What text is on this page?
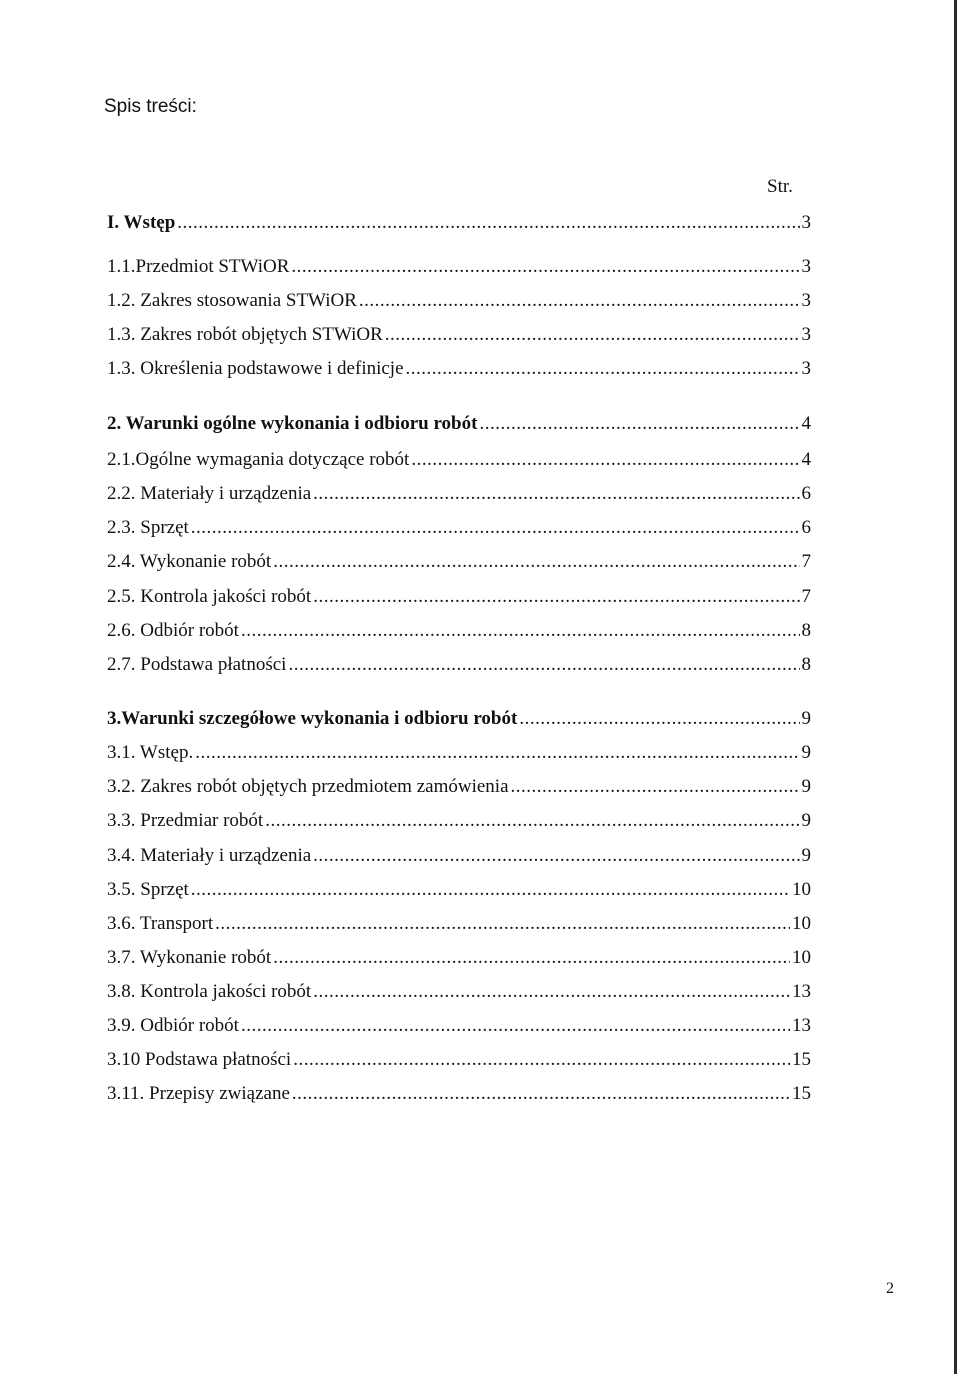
Spis treści:
Str.
I. Wstęp .....	3
1.1.Przedmiot STWiOR .....	3
1.2. Zakres stosowania STWiOR .....	3
1.3. Zakres robót objętych STWiOR .....	3
1.3. Określenia podstawowe i definicje .....	3
2. Warunki ogólne wykonania i odbioru robót .....	4
2.1.Ogólne wymagania dotyczące robót .....	4
2.2. Materiały i urządzenia .....	6
2.3. Sprzęt .....	6
2.4. Wykonanie robót .....	7
2.5. Kontrola jakości robót .....	7
2.6. Odbiór robót .....	8
2.7. Podstawa płatności .....	8
3.Warunki szczegółowe wykonania i odbioru robót .....	9
3.1. Wstęp. .....	9
3.2. Zakres robót objętych przedmiotem zamówienia .....	9
3.3. Przedmiar robót .....	9
3.4. Materiały i urządzenia .....	9
3.5. Sprzęt .....	10
3.6. Transport .....	10
3.7. Wykonanie robót .....	10
3.8. Kontrola jakości robót .....	13
3.9. Odbiór robót .....	13
3.10 Podstawa płatności .....	15
3.11. Przepisy związane .....	15
2
